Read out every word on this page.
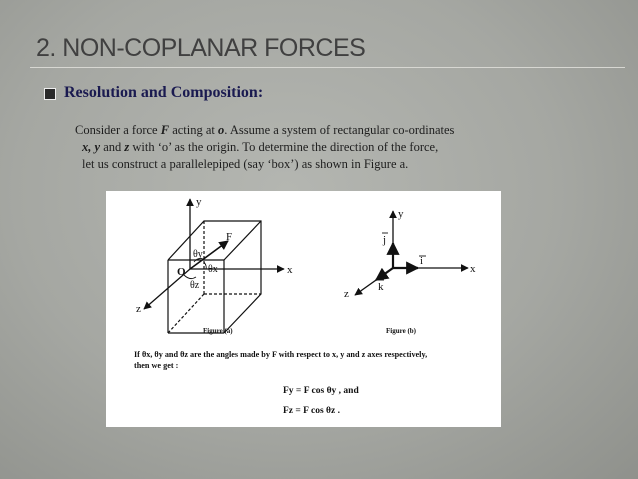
2. NON-COPLANAR FORCES
Resolution and Composition:
Consider a force F acting at o. Assume a system of rectangular co-ordinates
x, y and z with ‘o’ as the origin. To determine the direction of the force,
let us construct a parallelepiped (say ‘box’) as shown in Figure a.
y
x
z
O
F
θy
θx
θz
Figure (a)
y
x
z
j
i
k
Figure (b)
If θx, θy and θz are the angles made by F with respect to x, y and z axes respectively,
then we get :
Fy = F cos θy , and
Fz = F cos θz .
